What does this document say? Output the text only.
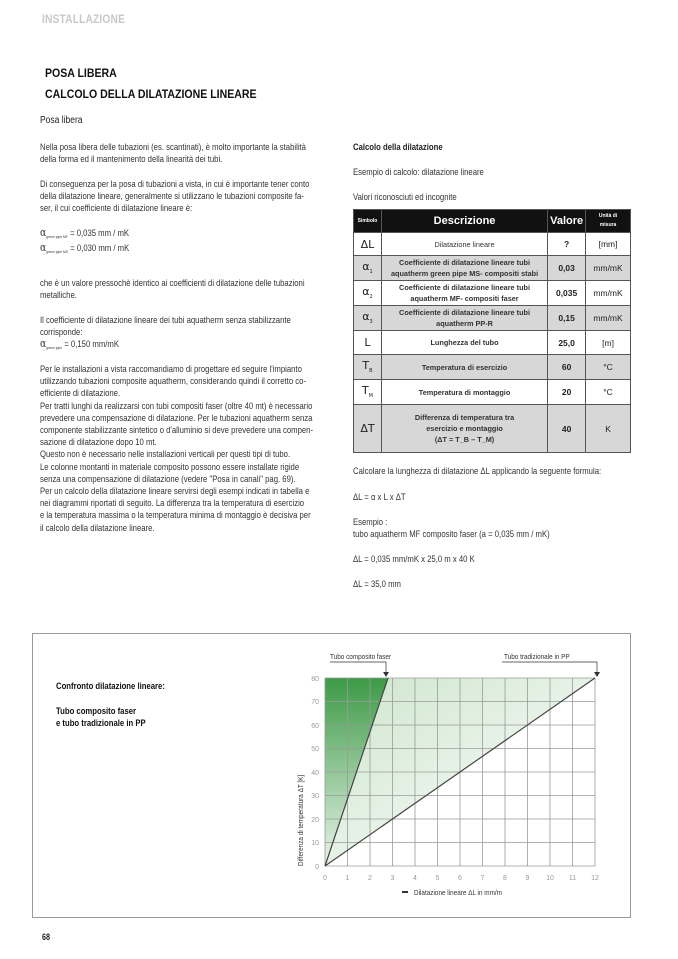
INSTALLAZIONE
POSA LIBERA
CALCOLO DELLA DILATAZIONE LINEARE
Posa libera
Nella posa libera delle tubazioni (es. scantinati), è molto importante la stabilità
della forma ed il mantenimento della linearità dei tubi.
Di conseguenza per la posa di tubazioni a vista, in cui è importante tener conto
della dilatazione lineare, generalmente si utilizzano le tubazioni composite fa-
ser, il cui coefficiente di dilatazione lineare è:
$\alpha_{green pipe MF} = 0,035$ mm / mK
$\alpha_{green pipe MS} = 0,030$ mm / mK
che è un valore pressochè identico ai coefficienti di dilatazione delle tubazioni
metalliche.
Il coefficiente di dilatazione lineare dei tubi aquatherm senza stabilizzante
corrisponde:
$\alpha_{green pipe} = 0,150$ mm/mK
Per le installazioni a vista raccomandiamo di progettare ed seguire l'impianto
utilizzando tubazioni composite aquatherm, considerando quindi il corretto co-
efficiente di dilatazione.
Per tratti lunghi da realizzarsi con tubi compositi faser (oltre 40 mt) è necessario
prevedere una compensazione di dilatazione. Per le tubazioni aquatherm senza
componente stabilizzante sintetico o d'alluminio si deve prevedere una compen-
sazione di dilatazione dopo 10 mt.
Questo non è necessario nelle installazioni verticali per questi tipi di tubo.
Le colonne montanti in materiale composito possono essere installate rigide
senza una compensazione di dilatazione (vedere "Posa in canali" pag. 69).
Per un calcolo della dilatazione lineare servirsi degli esempi indicati in tabella e
nei diagrammi riportati di seguito. La differenza tra la temperatura di esercizio
e la temperatura massima o la temperatura minima di montaggio è decisiva per
il calcolo della dilatazione lineare.
Calcolo della dilatazione
Esempio di calcolo: dilatazione lineare
Valori riconosciuti ed incognite
Simbolo	Descrizione	Valore	Unità di
misura

ΔL	Dilatazione lineare	?	[mm]
$\alpha_1$	Coefficiente di dilatazione lineare tubi
aquatherm green pipe MS- compositi stabi	0,03	mm/mK
$\alpha_2$	Coefficiente di dilatazione lineare tubi
aquatherm MF- compositi faser	0,035	mm/mK
$\alpha_3$	Coefficiente di dilatazione lineare tubi
aquatherm PP-R	0,15	mm/mK
L	Lunghezza del tubo	25,0	[m]
$T_B$	Temperatura di esercizio	60	°C
$T_M$	Temperatura di montaggio	20	°C
ΔT	Differenza di temperatura tra
esercizio e montaggio
(ΔT = T_B – T_M)	40	K
Calcolare la lunghezza di dilatazione ΔL applicando la seguente formula:
ΔL = α x L x ΔT
Esempio :
tubo aquatherm MF composito faser (a = 0,035 mm / mK)
ΔL = 0,035 mm/mK x 25,0 m x 40 K
ΔL = 35,0 mm
Confronto dilatazione lineare:
Tubo composito faser
e tubo tradizionale in PP
0
10
20
30
40
50
60
70
80
0	1	2	3	4	5	6	7	8	9 10 11 12
Tubo composito faser	Tubo tradizionale in PP
Dilatazione lineare ΔL in mm/m
Differenza di temperatura ΔT [K]
68
